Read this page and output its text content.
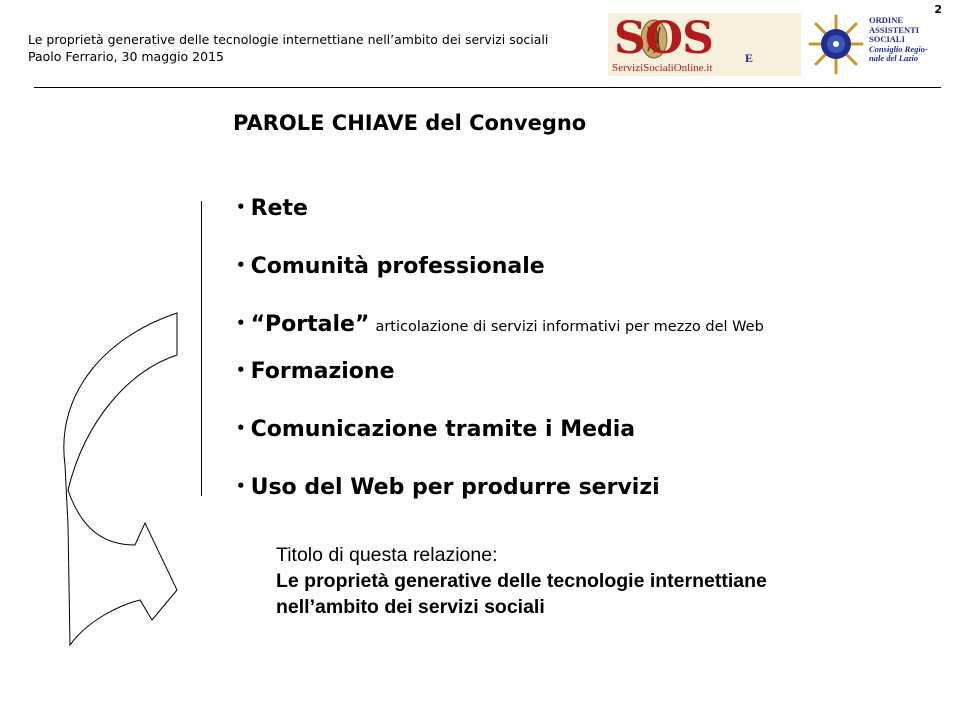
Le proprietà generative delle tecnologie internettiane nell’ambito dei servizi sociali
Paolo Ferrario, 30 maggio 2015
2
SOS
ServiziSocialiOnline.it
E
ORDINE
ASSISTENTI
SOCIALI
Consiglio Regio-
nale del Lazio
PAROLE CHIAVE del Convegno
• Rete
• Comunità professionale
• “Portale” articolazione di servizi informativi per mezzo del Web
• Formazione
• Comunicazione tramite i Media
• Uso del Web per produrre servizi
Titolo di questa relazione:
Le proprietà generative delle tecnologie internettiane
nell’ambito dei servizi sociali
